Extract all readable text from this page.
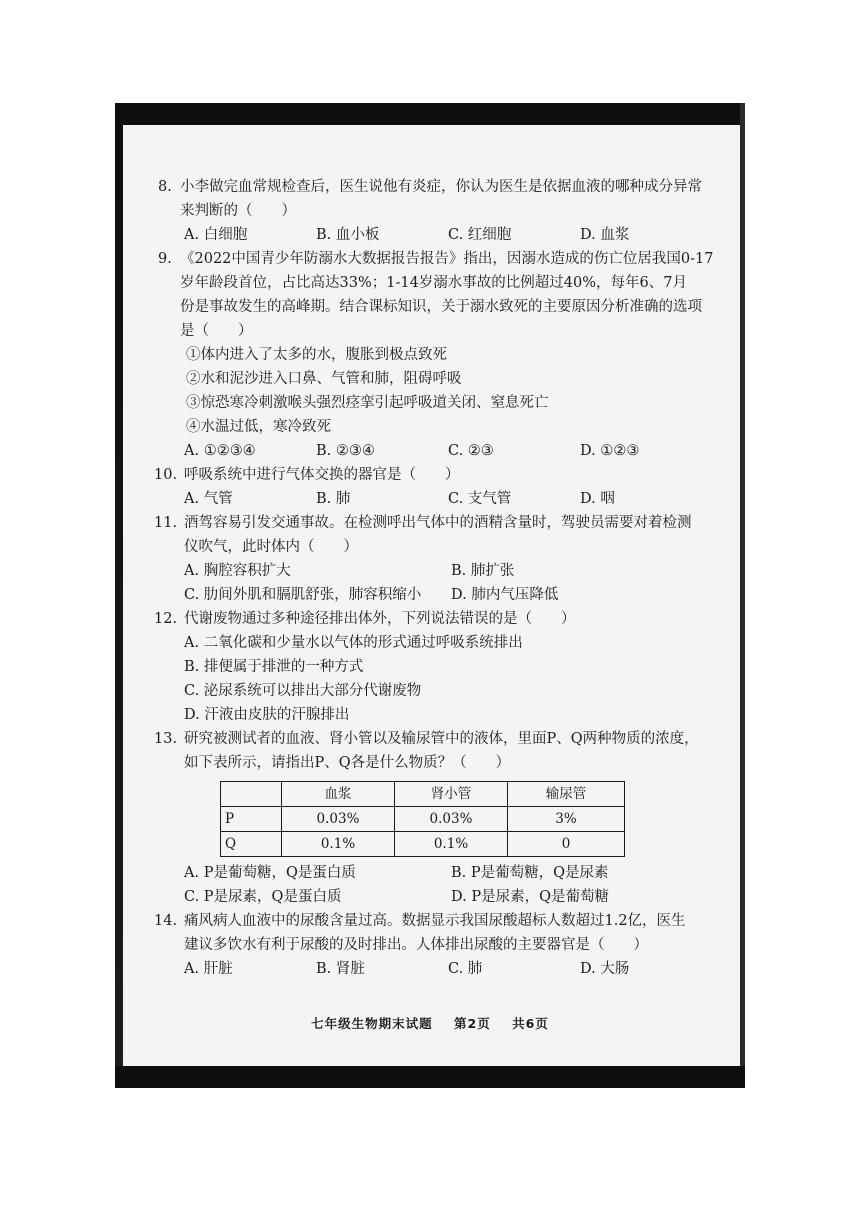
8. 小李做完血常规检查后，医生说他有炎症，你认为医生是依据血液的哪种成分异常
来判断的（　　）
A. 白细胞	B. 血小板	C. 红细胞	D. 血浆
9. 《2022中国青少年防溺水大数据报告报告》指出，因溺水造成的伤亡位居我国0-17
岁年龄段首位，占比高达33%；1-14岁溺水事故的比例超过40%，每年6、7月
份是事故发生的高峰期。结合课标知识，关于溺水致死的主要原因分析准确的选项
是（　　）
①体内进入了太多的水，腹胀到极点致死
②水和泥沙进入口鼻、气管和肺，阻碍呼吸
③惊恐寒冷刺激喉头强烈痉挛引起呼吸道关闭、窒息死亡
④水温过低，寒冷致死
A. ①②③④	B. ②③④	C. ②③	D. ①②③
10. 呼吸系统中进行气体交换的器官是（　　）
A. 气管	B. 肺	C. 支气管	D. 咽
11. 酒驾容易引发交通事故。在检测呼出气体中的酒精含量时，驾驶员需要对着检测
仪吹气，此时体内（　　）
A. 胸腔容积扩大	B. 肺扩张
C. 肋间外肌和膈肌舒张，肺容积缩小	D. 肺内气压降低
12. 代谢废物通过多种途径排出体外，下列说法错误的是（　　）
A. 二氧化碳和少量水以气体的形式通过呼吸系统排出
B. 排便属于排泄的一种方式
C. 泌尿系统可以排出大部分代谢废物
D. 汗液由皮肤的汗腺排出
13. 研究被测试者的血液、肾小管以及输尿管中的液体，里面P、Q两种物质的浓度，
如下表所示，请指出P、Q各是什么物质？（　　）
	血浆	肾小管	输尿管
P	0.03%	0.03%	3%
Q	0.1%	0.1%	0
A. P是葡萄糖，Q是蛋白质	B. P是葡萄糖，Q是尿素
C. P是尿素，Q是蛋白质	D. P是尿素，Q是葡萄糖
14. 痛风病人血液中的尿酸含量过高。数据显示我国尿酸超标人数超过1.2亿，医生
建议多饮水有利于尿酸的及时排出。人体排出尿酸的主要器官是（　　）
A. 肝脏	B. 肾脏	C. 肺	D. 大肠
七年级生物期末试题 第2页 共6页
